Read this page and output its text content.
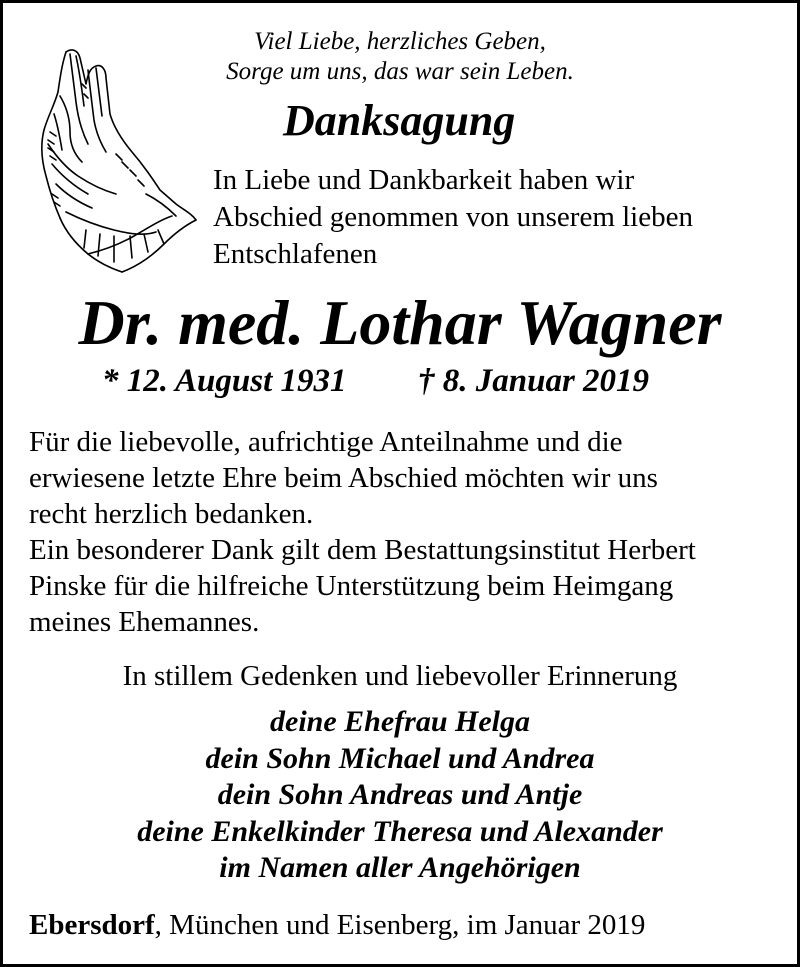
Viel Liebe, herzliches Geben,
Sorge um uns, das war sein Leben.
Danksagung
In Liebe und Dankbarkeit haben wir
Abschied genommen von unserem lieben
Entschlafenen
Dr. med. Lothar Wagner
* 12. August 1931 † 8. Januar 2019
Für die liebevolle, aufrichtige Anteilnahme und die
erwiesene letzte Ehre beim Abschied möchten wir uns
recht herzlich bedanken.
Ein besonderer Dank gilt dem Bestattungsinstitut Herbert
Pinske für die hilfreiche Unterstützung beim Heimgang
meines Ehemannes.
In stillem Gedenken und liebevoller Erinnerung
deine Ehefrau Helga
dein Sohn Michael und Andrea
dein Sohn Andreas und Antje
deine Enkelkinder Theresa und Alexander
im Namen aller Angehörigen
Ebersdorf, München und Eisenberg, im Januar 2019
